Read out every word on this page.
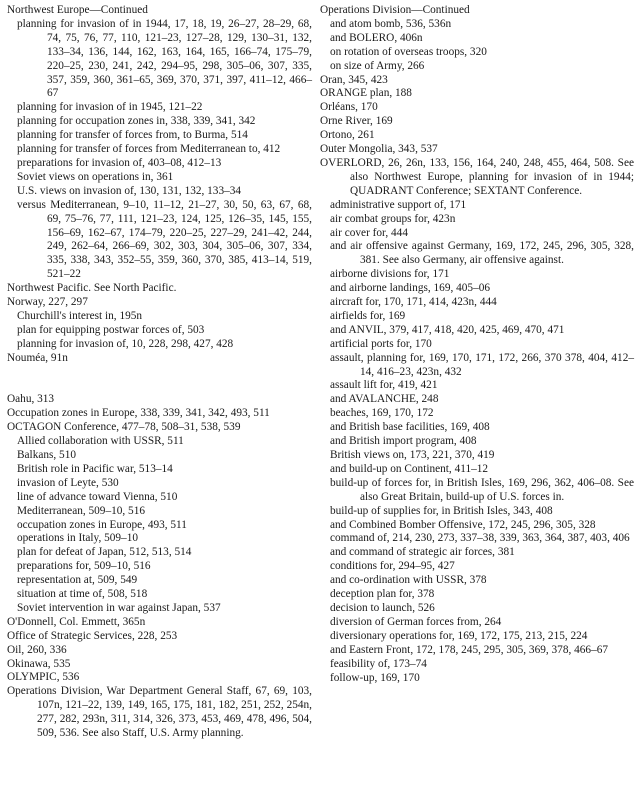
Northwest Europe—Continued

planning for invasion of in 1944, 17, 18, 19, 26–27, 28–29, 68, 74, 75, 76, 77, 110, 121–23, 127–28, 129, 130–31, 132, 133–34, 136, 144, 162, 163, 164, 165, 166–74, 175–79, 220–25, 230, 241, 242, 294–95, 298, 305–06, 307, 335, 357, 359, 360, 361–65, 369, 370, 371, 397, 411–12, 466–67

planning for invasion of in 1945, 121–22

planning for occupation zones in, 338, 339, 341, 342

planning for transfer of forces from, to Burma, 514

planning for transfer of forces from Mediterranean to, 412

preparations for invasion of, 403–08, 412–13

Soviet views on operations in, 361

U.S. views on invasion of, 130, 131, 132, 133–34

versus Mediterranean, 9–10, 11–12, 21–27, 30, 50, 63, 67, 68, 69, 75–76, 77, 111, 121–23, 124, 125, 126–35, 145, 155, 156–69, 162–67, 174–79, 220–25, 227–29, 241–42, 244, 249, 262–64, 266–69, 302, 303, 304, 305–06, 307, 334, 335, 338, 343, 352–55, 359, 360, 370, 385, 413–14, 519, 521–22

Northwest Pacific. See North Pacific.

Norway, 227, 297

Churchill's interest in, 195n

plan for equipping postwar forces of, 503

planning for invasion of, 10, 228, 298, 427, 428

Nouméa, 91n

Oahu, 313

Occupation zones in Europe, 338, 339, 341, 342, 493, 511

OCTAGON Conference, 477–78, 508–31, 538, 539

Allied collaboration with USSR, 511

Balkans, 510

British role in Pacific war, 513–14

invasion of Leyte, 530

line of advance toward Vienna, 510

Mediterranean, 509–10, 516

occupation zones in Europe, 493, 511

operations in Italy, 509–10

plan for defeat of Japan, 512, 513, 514

preparations for, 509–10, 516

representation at, 509, 549

situation at time of, 508, 518

Soviet intervention in war against Japan, 537

O'Donnell, Col. Emmett, 365n

Office of Strategic Services, 228, 253

Oil, 260, 336

Okinawa, 535

OLYMPIC, 536

Operations Division, War Department General Staff, 67, 69, 103, 107n, 121–22, 139, 149, 165, 175, 181, 182, 251, 252, 254n, 277, 282, 293n, 311, 314, 326, 373, 453, 469, 478, 496, 504, 509, 536. See also Staff, U.S. Army planning.

Operations Division—Continued

and atom bomb, 536, 536n

and BOLERO, 406n

on rotation of overseas troops, 320

on size of Army, 266

Oran, 345, 423

ORANGE plan, 188

Orléans, 170

Orne River, 169

Ortono, 261

Outer Mongolia, 343, 537

OVERLORD, 26, 26n, 133, 156, 164, 240, 248, 455, 464, 508. See also Northwest Europe, planning for invasion of in 1944; QUADRANT Conference; SEXTANT Conference.

administrative support of, 171

air combat groups for, 423n

air cover for, 444

and air offensive against Germany, 169, 172, 245, 296, 305, 328, 381. See also Germany, air offensive against.

airborne divisions for, 171

and airborne landings, 169, 405–06

aircraft for, 170, 171, 414, 423n, 444

airfields for, 169

and ANVIL, 379, 417, 418, 420, 425, 469, 470, 471

artificial ports for, 170

assault, planning for, 169, 170, 171, 172, 266, 370 378, 404, 412–14, 416–23, 423n, 432

assault lift for, 419, 421

and AVALANCHE, 248

beaches, 169, 170, 172

and British base facilities, 169, 408

and British import program, 408

British views on, 173, 221, 370, 419

and build-up on Continent, 411–12

build-up of forces for, in British Isles, 169, 296, 362, 406–08. See also Great Britain, build-up of U.S. forces in.

build-up of supplies for, in British Isles, 343, 408

and Combined Bomber Offensive, 172, 245, 296, 305, 328

command of, 214, 230, 273, 337–38, 339, 363, 364, 387, 403, 406

and command of strategic air forces, 381

conditions for, 294–95, 427

and co-ordination with USSR, 378

deception plan for, 378

decision to launch, 526

diversion of German forces from, 264

diversionary operations for, 169, 172, 175, 213, 215, 224

and Eastern Front, 172, 178, 245, 295, 305, 369, 378, 466–67

feasibility of, 173–74

follow-up, 169, 170
